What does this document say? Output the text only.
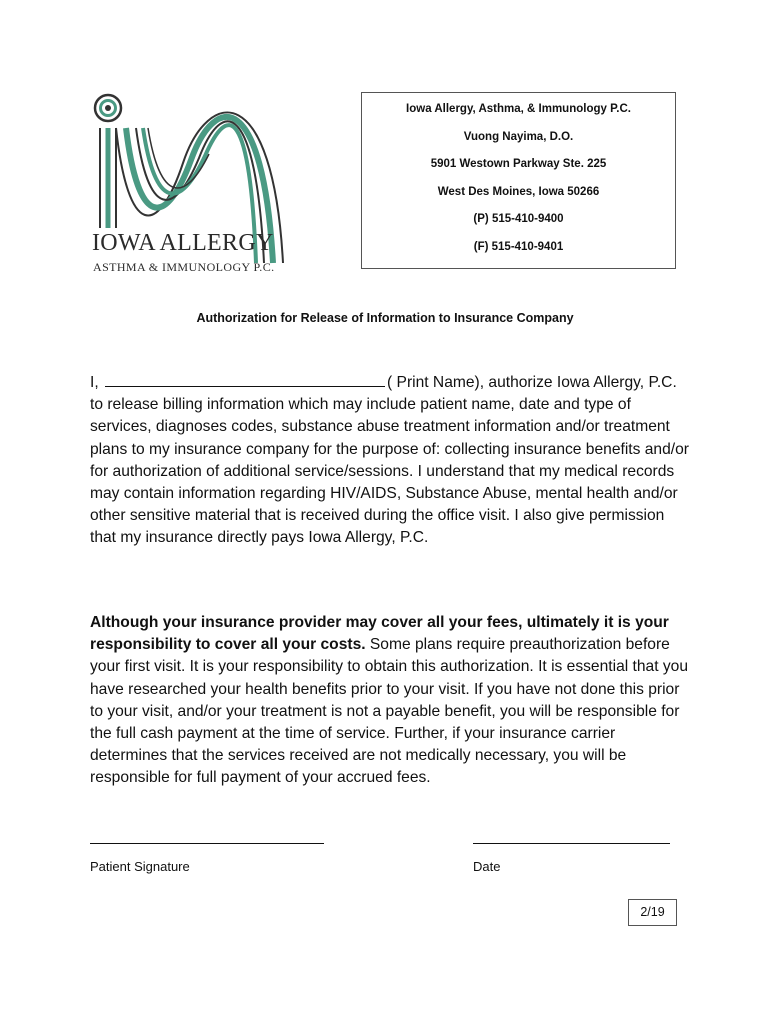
IOWA ALLERGY
ASTHMA & IMMUNOLOGY P.C.
Iowa Allergy, Asthma, & Immunology P.C.
Vuong Nayima, D.O.
5901 Westown Parkway Ste. 225
West Des Moines, Iowa 50266
(P) 515-410-9400
(F) 515-410-9401
Authorization for Release of Information to Insurance Company

I,	( Print Name), authorize Iowa Allergy, P.C. to release billing information which may include patient name, date and type of services, diagnoses codes, substance abuse treatment information and/or treatment plans to my insurance company for the purpose of: collecting insurance benefits and/or for authorization of additional service/sessions. I understand that my medical records may contain information regarding HIV/AIDS, Substance Abuse, mental health and/or other sensitive material that is received during the office visit. I also give permission that my insurance directly pays Iowa Allergy, P.C.

Although your insurance provider may cover all your fees, ultimately it is your responsibility to cover all your costs. Some plans require preauthorization before your first visit. It is your responsibility to obtain this authorization. It is essential that you have researched your health benefits prior to your visit. If you have not done this prior to your visit, and/or your treatment is not a payable benefit, you will be responsible for the full cash payment at the time of service. Further, if your insurance carrier determines that the services received are not medically necessary, you will be responsible for full payment of your accrued fees.

Patient Signature	Date
2/19
